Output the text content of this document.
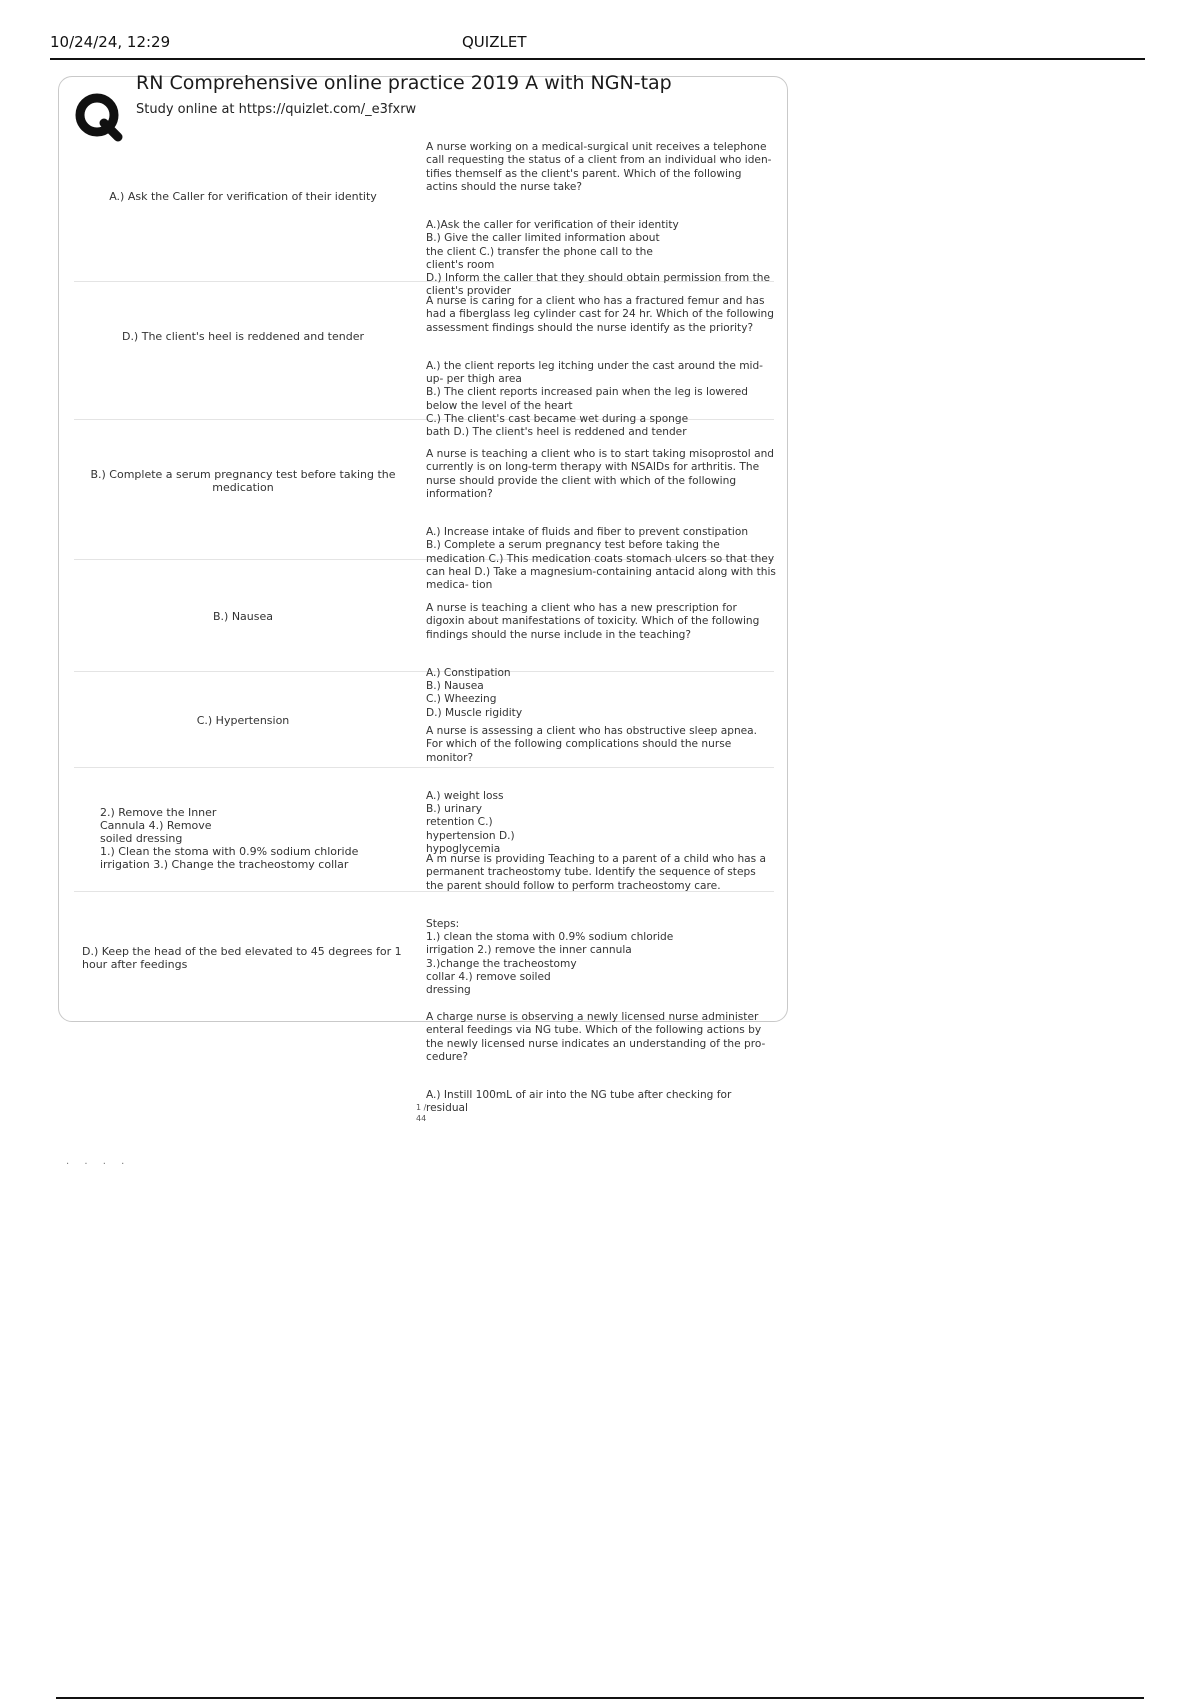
10/24/24, 12:29	QUIZLET
RN Comprehensive online practice 2019 A with NGN-tap
Study online at https://quizlet.com/_e3fxrw
A.) Ask the Caller for verification of their identity

A nurse working on a medical-surgical unit receives a telephone call requesting the status of a client from an individual who iden- tifies themself as the client's parent. Which of the following actins should the nurse take?

A.)Ask the caller for verification of their identity
B.) Give the caller limited information about
the client C.) transfer the phone call to the
client's room
D.) Inform the caller that they should obtain permission from the client's provider

D.) The client's heel is reddened and tender

A nurse is caring for a client who has a fractured femur and has had a fiberglass leg cylinder cast for 24 hr. Which of the following assessment findings should the nurse identify as the priority?

A.) the client reports leg itching under the cast around the mid-up- per thigh area
B.) The client reports increased pain when the leg is lowered below the level of the heart
C.) The client's cast became wet during a sponge
bath D.) The client's heel is reddened and tender

B.) Complete a serum pregnancy test before taking the medication

A nurse is teaching a client who is to start taking misoprostol and currently is on long-term therapy with NSAIDs for arthritis. The nurse should provide the client with which of the following information?

A.) Increase intake of fluids and fiber to prevent constipation
B.) Complete a serum pregnancy test before taking the medication C.) This medication coats stomach ulcers so that they can heal D.) Take a magnesium-containing antacid along with this medica- tion

B.) Nausea

A nurse is teaching a client who has a new prescription for digoxin about manifestations of toxicity. Which of the following findings should the nurse include in the teaching?

A.) Constipation
B.) Nausea
C.) Wheezing
D.) Muscle rigidity

C.) Hypertension

A nurse is assessing a client who has obstructive sleep apnea. For which of the following complications should the nurse monitor?

A.) weight loss
B.) urinary
retention C.)
hypertension D.)
hypoglycemia

2.) Remove the Inner
Cannula 4.) Remove
soiled dressing
1.) Clean the stoma with 0.9% sodium chloride
irrigation 3.) Change the tracheostomy collar	A m nurse is providing Teaching to a parent of a child who has a permanent tracheostomy tube. Identify the sequence of steps the parent should follow to perform tracheostomy care.

Steps:
1.) clean the stoma with 0.9% sodium chloride
irrigation 2.) remove the inner cannula
3.)change the tracheostomy
collar 4.) remove soiled
dressing

D.) Keep the head of the bed elevated to 45 degrees for 1 hour after feedings

A charge nurse is observing a newly licensed nurse administer enteral feedings via NG tube. Which of the following actions by the newly licensed nurse indicates an understanding of the pro- cedure?

A.) Instill 100mL of air into the NG tube after checking for residual

1 /
44
. . . .
